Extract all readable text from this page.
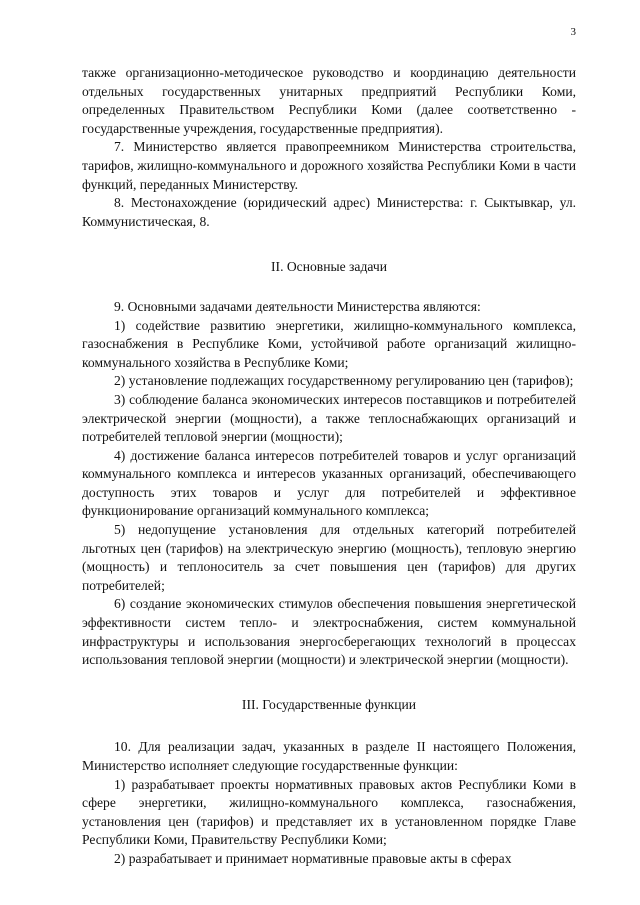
3

также организационно-методическое руководство и координацию деятельности отдельных государственных унитарных предприятий Республики Коми, определенных Правительством Республики Коми (далее соответственно - государственные учреждения, государственные предприятия).

7. Министерство является правопреемником Министерства строительства, тарифов, жилищно-коммунального и дорожного хозяйства Республики Коми в части функций, переданных Министерству.

8. Местонахождение (юридический адрес) Министерства: г. Сыктывкар, ул. Коммунистическая, 8.

II. Основные задачи

9. Основными задачами деятельности Министерства являются:

1) содействие развитию энергетики, жилищно-коммунального комплекса, газоснабжения в Республике Коми, устойчивой работе организаций жилищно-коммунального хозяйства в Республике Коми;

2) установление подлежащих государственному регулированию цен (тарифов);

3) соблюдение баланса экономических интересов поставщиков и потребителей электрической энергии (мощности), а также теплоснабжающих организаций и потребителей тепловой энергии (мощности);

4) достижение баланса интересов потребителей товаров и услуг организаций коммунального комплекса и интересов указанных организаций, обеспечивающего доступность этих товаров и услуг для потребителей и эффективное функционирование организаций коммунального комплекса;

5) недопущение установления для отдельных категорий потребителей льготных цен (тарифов) на электрическую энергию (мощность), тепловую энергию (мощность) и теплоноситель за счет повышения цен (тарифов) для других потребителей;

6) создание экономических стимулов обеспечения повышения энергетической эффективности систем тепло- и электроснабжения, систем коммунальной инфраструктуры и использования энергосберегающих технологий в процессах использования тепловой энергии (мощности) и электрической энергии (мощности).

III. Государственные функции

10. Для реализации задач, указанных в разделе II настоящего Положения, Министерство исполняет следующие государственные функции:

1) разрабатывает проекты нормативных правовых актов Республики Коми в сфере энергетики, жилищно-коммунального комплекса, газоснабжения, установления цен (тарифов) и представляет их в установленном порядке Главе Республики Коми, Правительству Республики Коми;

2) разрабатывает и принимает нормативные правовые акты в сферах
